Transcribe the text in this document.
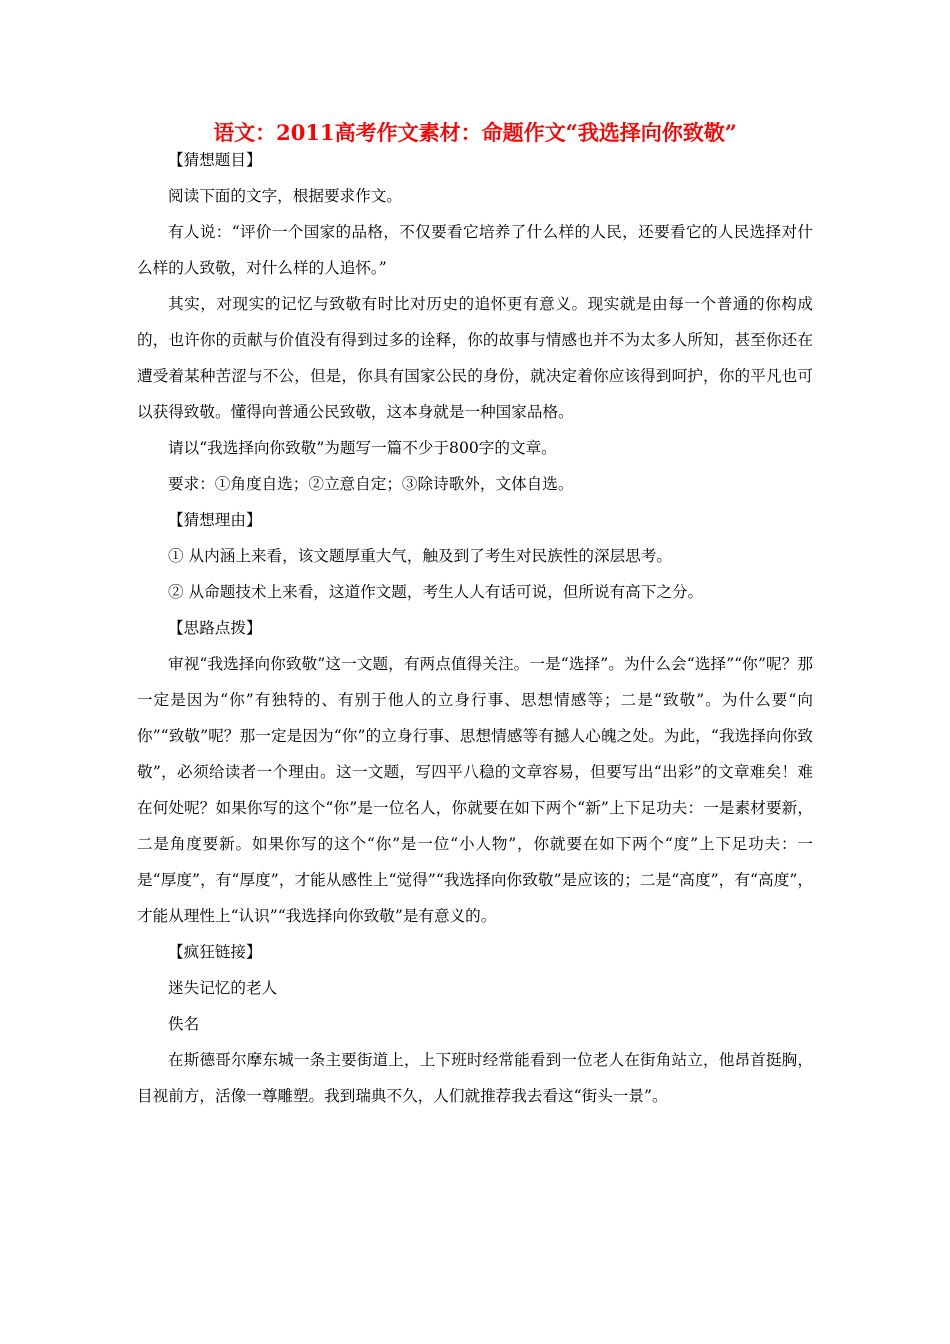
语文：2011高考作文素材：命题作文“我选择向你致敬”

【猜想题目】

阅读下面的文字，根据要求作文。

有人说：“评价一个国家的品格，不仅要看它培养了什么样的人民，还要看它的人民选择对什么样的人致敬，对什么样的人追怀。”

其实，对现实的记忆与致敬有时比对历史的追怀更有意义。现实就是由每一个普通的你构成的，也许你的贡献与价值没有得到过多的诠释，你的故事与情感也并不为太多人所知，甚至你还在遭受着某种苦涩与不公，但是，你具有国家公民的身份，就决定着你应该得到呵护，你的平凡也可以获得致敬。懂得向普通公民致敬，这本身就是一种国家品格。

请以“我选择向你致敬”为题写一篇不少于800字的文章。

要求：①角度自选；②立意自定；③除诗歌外，文体自选。

【猜想理由】

① 从内涵上来看，该文题厚重大气，触及到了考生对民族性的深层思考。

② 从命题技术上来看，这道作文题，考生人人有话可说，但所说有高下之分。

【思路点拨】

审视“我选择向你致敬”这一文题，有两点值得关注。一是“选择”。为什么会“选择”“你”呢？那一定是因为“你”有独特的、有别于他人的立身行事、思想情感等；二是“致敬”。为什么要“向你”“致敬”呢？那一定是因为“你”的立身行事、思想情感等有撼人心魄之处。为此，“我选择向你致敬”，必须给读者一个理由。这一文题，写四平八稳的文章容易，但要写出“出彩”的文章难矣！难在何处呢？如果你写的这个“你”是一位名人，你就要在如下两个“新”上下足功夫：一是素材要新，二是角度要新。如果你写的这个“你”是一位“小人物”，你就要在如下两个“度”上下足功夫：一是“厚度”，有“厚度”，才能从感性上“觉得”“我选择向你致敬”是应该的；二是“高度”，有“高度”，才能从理性上“认识”“我选择向你致敬”是有意义的。

【疯狂链接】

迷失记忆的老人

佚名

在斯德哥尔摩东城一条主要街道上，上下班时经常能看到一位老人在街角站立，他昂首挺胸，目视前方，活像一尊雕塑。我到瑞典不久，人们就推荐我去看这“街头一景”。
